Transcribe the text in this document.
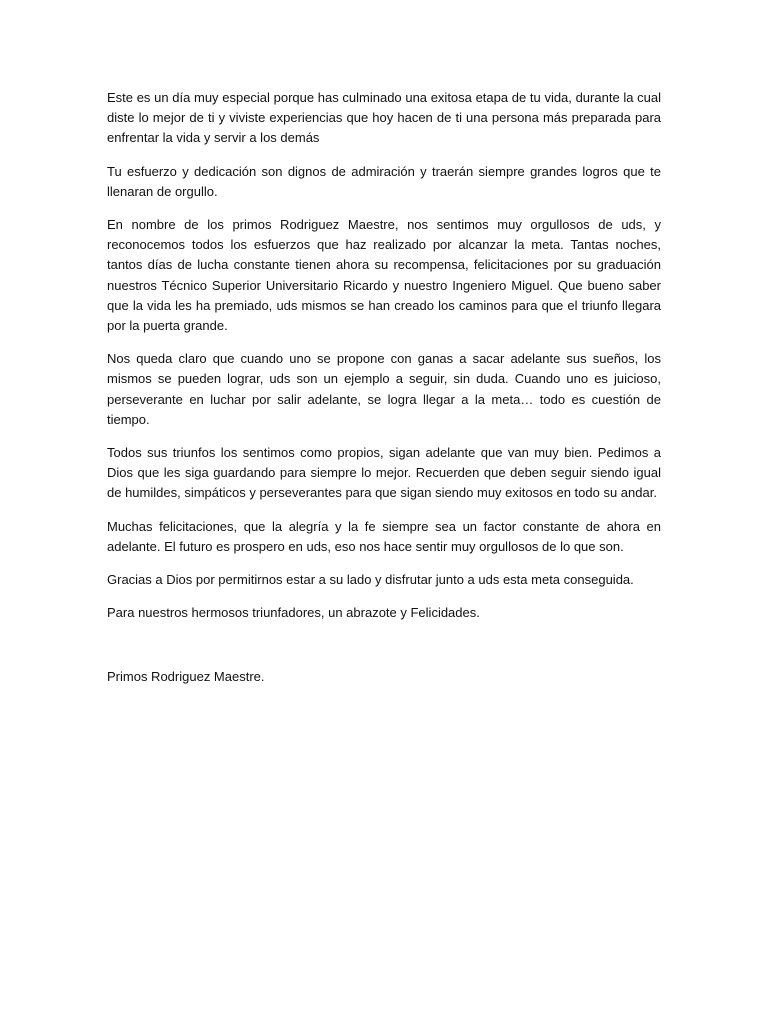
Este es un día muy especial porque has culminado una exitosa etapa de tu vida, durante la cual diste lo mejor de ti y viviste experiencias que hoy hacen de ti una persona más preparada para enfrentar la vida y servir a los demás

Tu esfuerzo y dedicación son dignos de admiración y traerán siempre grandes logros que te llenaran de orgullo.

En nombre de los primos Rodriguez Maestre, nos sentimos muy orgullosos de uds, y reconocemos todos los esfuerzos que haz realizado por alcanzar la meta. Tantas noches, tantos días de lucha constante tienen ahora su recompensa, felicitaciones por su graduación nuestros Técnico Superior Universitario Ricardo y nuestro Ingeniero Miguel. Que bueno saber que la vida les ha premiado, uds mismos se han creado los caminos para que el triunfo llegara por la puerta grande.

Nos queda claro que cuando uno se propone con ganas a sacar adelante sus sueños, los mismos se pueden lograr, uds son un ejemplo a seguir, sin duda. Cuando uno es juicioso, perseverante en luchar por salir adelante, se logra llegar a la meta… todo es cuestión de tiempo.

Todos sus triunfos los sentimos como propios, sigan adelante que van muy bien. Pedimos a Dios que les siga guardando para siempre lo mejor. Recuerden que deben seguir siendo igual de humildes, simpáticos y perseverantes para que sigan siendo muy exitosos en todo su andar.

Muchas felicitaciones, que la alegría y la fe siempre sea un factor constante de ahora en adelante. El futuro es prospero en uds, eso nos hace sentir muy orgullosos de lo que son.

Gracias a Dios por permitirnos estar a su lado y disfrutar junto a uds esta meta conseguida.

Para nuestros hermosos triunfadores, un abrazote y Felicidades.

Primos Rodriguez Maestre.
